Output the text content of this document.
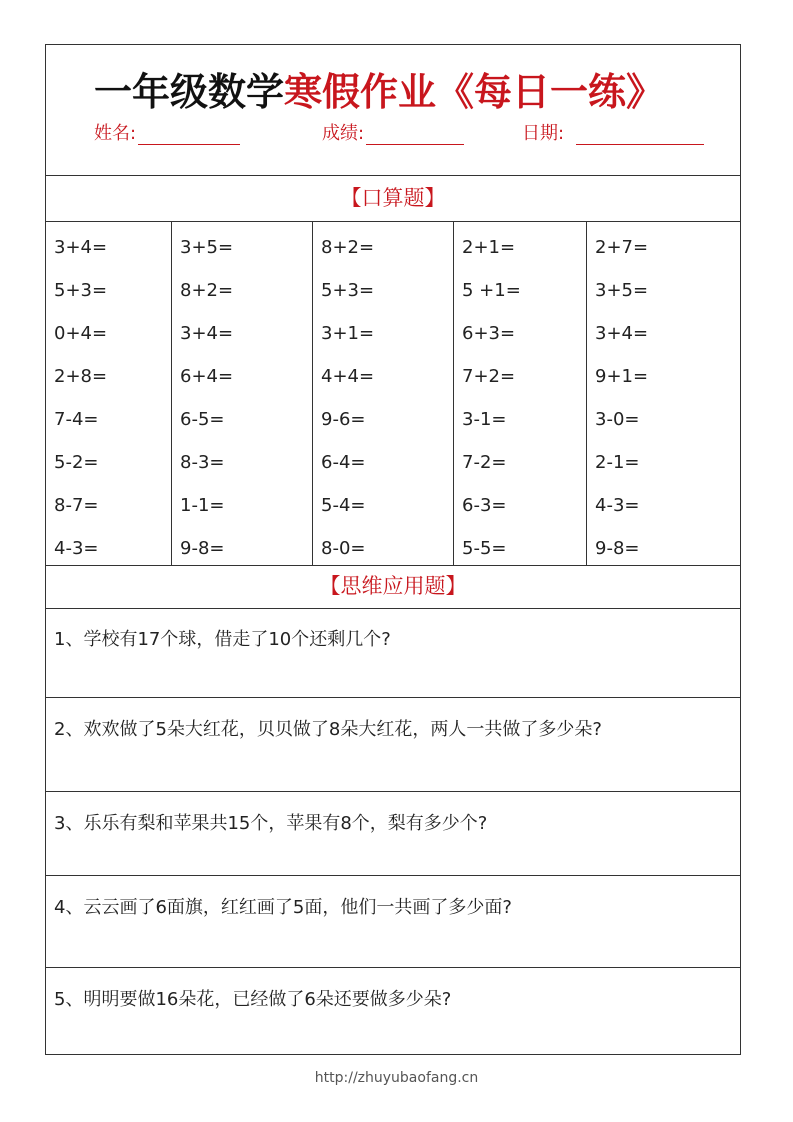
一年级数学寒假作业《每日一练》
姓名:	成绩:	日期:
【口算题】
3+4=
5+3=
0+4=
2+8=
7-4=
5-2=
8-7=
4-3=
3+5=
8+2=
3+4=
6+4=
6-5=
8-3=
1-1=
9-8=
8+2=
5+3=
3+1=
4+4=
9-6=
6-4=
5-4=
8-0=
2+1=
5 +1=
6+3=
7+2=
3-1=
7-2=
6-3=
5-5=
2+7=
3+5=
3+4=
9+1=
3-0=
2-1=
4-3=
9-8=
【思维应用题】
1、学校有17个球，借走了10个还剩几个?
2、欢欢做了5朵大红花，贝贝做了8朵大红花，两人一共做了多少朵?
3、乐乐有梨和苹果共15个，苹果有8个，梨有多少个?
4、云云画了6面旗，红红画了5面，他们一共画了多少面?
5、明明要做16朵花，已经做了6朵还要做多少朵?
http://zhuyubaofang.cn
